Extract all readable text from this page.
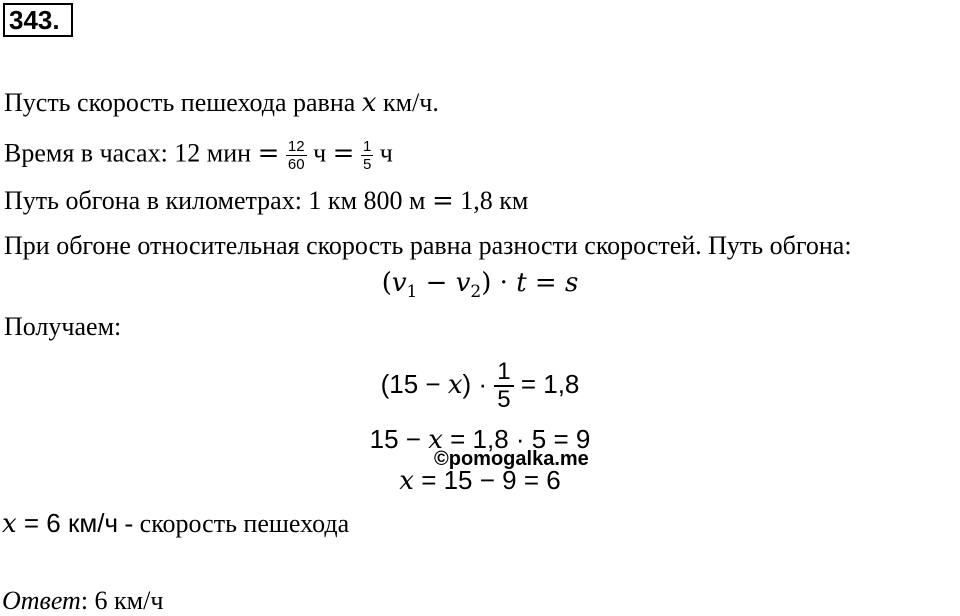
343.
Пусть скорость пешехода равна x км/ч.
Время в часах: 12 мин = $\frac{12}{60}$ $ч = \frac{1}{5}$ ч
Путь обгона в километрах: 1 км 800 м = 1,8 км
При обгоне относительная скорость равна разности скоростей. Путь обгона:
$(v_1 - v_2) \cdot t = s$
Получаем:
$(15 - x) \cdot \frac{1}{5} = 1,8$
15 − x = 1,8 · 5 = 9
©pomogalka.me
x = 15 − 9 = 6
x = 6 км/ч - скорость пешехода
Ответ: 6 км/ч
